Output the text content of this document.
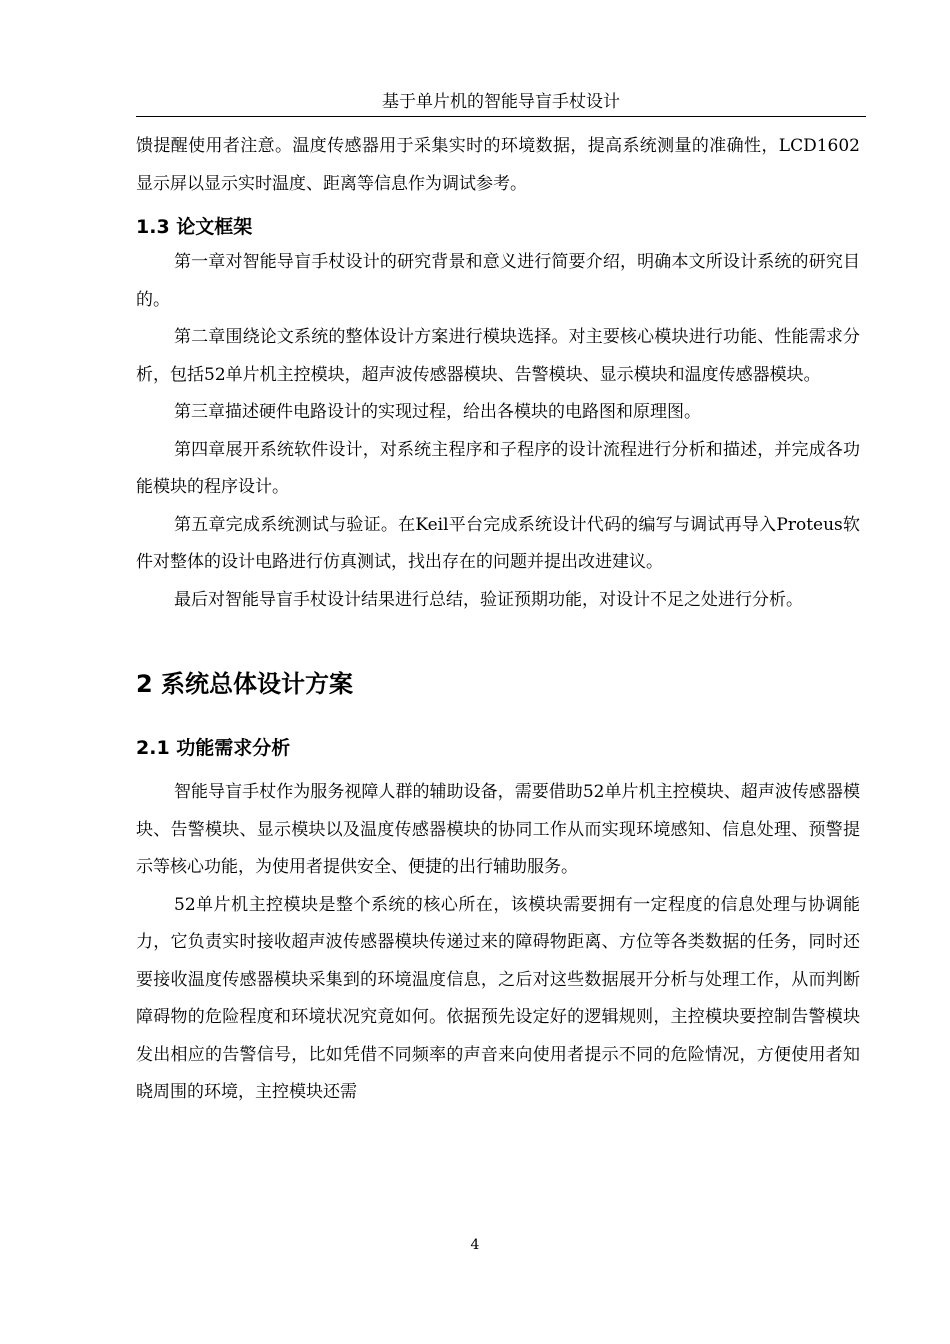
基于单片机的智能导盲手杖设计

馈提醒使用者注意。温度传感器用于采集实时的环境数据，提高系统测量的准确性，LCD1602显示屏以显示实时温度、距离等信息作为调试参考。

1.3 论文框架

第一章对智能导盲手杖设计的研究背景和意义进行简要介绍，明确本文所设计系统的研究目的。

第二章围绕论文系统的整体设计方案进行模块选择。对主要核心模块进行功能、性能需求分析，包括52单片机主控模块，超声波传感器模块、告警模块、显示模块和温度传感器模块。

第三章描述硬件电路设计的实现过程，给出各模块的电路图和原理图。

第四章展开系统软件设计，对系统主程序和子程序的设计流程进行分析和描述，并完成各功能模块的程序设计。

第五章完成系统测试与验证。在Keil平台完成系统设计代码的编写与调试再导入Proteus软件对整体的设计电路进行仿真测试，找出存在的问题并提出改进建议。

最后对智能导盲手杖设计结果进行总结，验证预期功能，对设计不足之处进行分析。

2 系统总体设计方案
2.1 功能需求分析

智能导盲手杖作为服务视障人群的辅助设备，需要借助52单片机主控模块、超声波传感器模块、告警模块、显示模块以及温度传感器模块的协同工作从而实现环境感知、信息处理、预警提示等核心功能，为使用者提供安全、便捷的出行辅助服务。

52单片机主控模块是整个系统的核心所在，该模块需要拥有一定程度的信息处理与协调能力，它负责实时接收超声波传感器模块传递过来的障碍物距离、方位等各类数据的任务，同时还要接收温度传感器模块采集到的环境温度信息，之后对这些数据展开分析与处理工作，从而判断障碍物的危险程度和环境状况究竟如何。依据预先设定好的逻辑规则，主控模块要控制告警模块发出相应的告警信号，比如凭借不同频率的声音来向使用者提示不同的危险情况，方便使用者知晓周围的环境，主控模块还需

4
